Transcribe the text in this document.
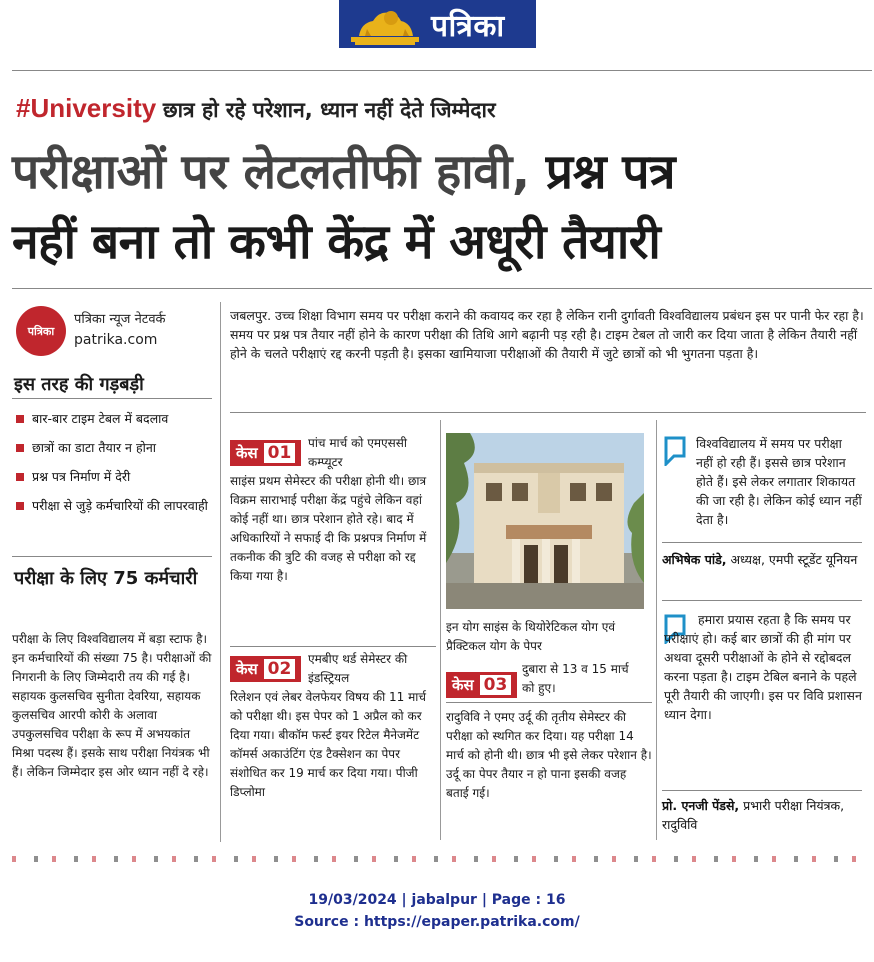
पत्रिका
#University छात्र हो रहे परेशान, ध्यान नहीं देते जिम्मेदार
परीक्षाओं पर लेटलतीफी हावी, प्रश्न पत्र
नहीं बना तो कभी केंद्र में अधूरी तैयारी
पत्रिका
पत्रिका न्यूज नेटवर्क
patrika.com
जबलपुर. उच्च शिक्षा विभाग समय पर परीक्षा कराने की कवायद कर रहा है लेकिन रानी दुर्गावती विश्वविद्यालय प्रबंधन इस पर पानी फेर रहा है। समय पर प्रश्न पत्र तैयार नहीं होने के कारण परीक्षा की तिथि आगे बढ़ानी पड़ रही है। टाइम टेबल तो जारी कर दिया जाता है लेकिन तैयारी नहीं होने के चलते परीक्षाएं रद्द करनी पड़ती है। इसका खामियाजा परीक्षाओं की तैयारी में जुटे छात्रों को भी भुगतना पड़ता है।
इस तरह की गड़बड़ी
बार-बार टाइम टेबल में बदलाव
छात्रों का डाटा तैयार न होना
प्रश्न पत्र निर्माण में देरी
परीक्षा से जुड़े कर्मचारियों की लापरवाही
परीक्षा के लिए 75 कर्मचारी
परीक्षा के लिए विश्वविद्यालय में बड़ा स्टाफ है। इन कर्मचारियों की संख्या 75 है। परीक्षाओं की निगरानी के लिए जिम्मेदारी तय की गई है। सहायक कुलसचिव सुनीता देवरिया, सहायक कुलसचिव आरपी कोरी के अलावा उपकुलसचिव परीक्षा के रूप में अभयकांत मिश्रा पदस्थ हैं। इसके साथ परीक्षा नियंत्रक भी हैं। लेकिन जिम्मेदार इस ओर ध्यान नहीं दे रहे।
केस 01	पांच मार्च को एमएससी कम्प्यूटर
साइंस प्रथम सेमेस्टर की परीक्षा होनी थी। छात्र विक्रम साराभाई परीक्षा केंद्र पहुंचे लेकिन वहां कोई नहीं था। छात्र परेशान होते रहे। बाद में अधिकारियों ने सफाई दी कि प्रश्नपत्र निर्माण में तकनीक की त्रुटि की वजह से परीक्षा को रद्द किया गया है।
केस 02	एमबीए थर्ड सेमेस्टर की इंडस्ट्रियल
रिलेशन एवं लेबर वेलफेयर विषय की 11 मार्च को परीक्षा थी। इस पेपर को 1 अप्रैल को कर दिया गया। बीकॉम फर्स्ट इयर रिटेल मैनेजमेंट कॉमर्स अकाउंटिंग एंड टैक्सेशन का पेपर संशोधित कर 19 मार्च कर दिया गया। पीजी डिप्लोमा
इन योग साइंस के थियोरेटिकल योग एवं प्रैक्टिकल योग के पेपर
केस 03
दुबारा से 13 व 15 मार्च को हुए।
रादुविवि ने एमए उर्दू की तृतीय सेमेस्टर की परीक्षा को स्थगित कर दिया। यह परीक्षा 14 मार्च को होनी थी। छात्र भी इसे लेकर परेशान है। उर्दू का पेपर तैयार न हो पाना इसकी वजह बताई गई।
विश्वविद्यालय में समय पर परीक्षा नहीं हो रही हैं। इससे छात्र परेशान होते हैं। इसे लेकर लगातार शिकायत की जा रही है। लेकिन कोई ध्यान नहीं देता है।
अभिषेक पांडे, अध्यक्ष, एमपी स्टूडेंट यूनियन
हमारा प्रयास रहता है कि समय पर परीक्षाएं हो। कई बार छात्रों की ही मांग पर अथवा दूसरी परीक्षाओं के होने से रद्दोबदल करना पड़ता है। टाइम टेबिल बनाने के पहले पूरी तैयारी की जाएगी। इस पर विवि प्रशासन ध्यान देगा।
प्रो. एनजी पेंडसे, प्रभारी परीक्षा नियंत्रक, रादुविवि
19/03/2024 | jabalpur | Page : 16
Source : https://epaper.patrika.com/
